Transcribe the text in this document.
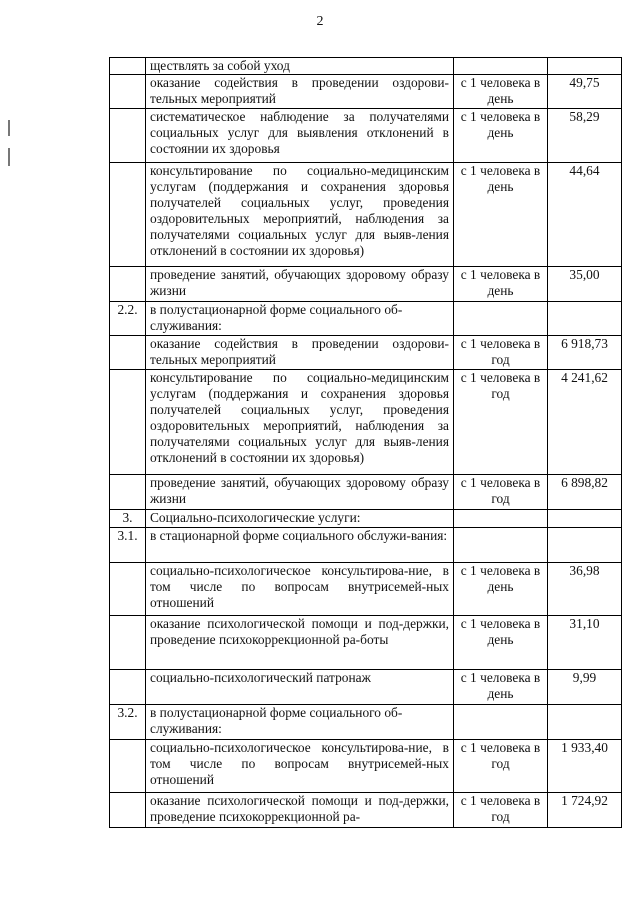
2
	ществлять за собой уход		
	оказание содействия в проведении оздорови-тельных мероприятий	с 1 человека в день	49,75
	систематическое наблюдение за получателями социальных услуг для выявления отклонений в состоянии их здоровья	с 1 человека в день	58,29
	консультирование по социально-медицинским услугам (поддержания и сохранения здоровья получателей социальных услуг, проведения оздоровительных мероприятий, наблюдения за получателями социальных услуг для выяв-ления отклонений в состоянии их здоровья)	с 1 человека в день	44,64
	проведение занятий, обучающих здоровому образу жизни	с 1 человека в день	35,00
2.2.	в полустационарной форме социального об-служивания:		
	оказание содействия в проведении оздорови-тельных мероприятий	с 1 человека в год	6 918,73
	консультирование по социально-медицинским услугам (поддержания и сохранения здоровья получателей социальных услуг, проведения оздоровительных мероприятий, наблюдения за получателями социальных услуг для выяв-ления отклонений в состоянии их здоровья)	с 1 человека в год	4 241,62
	проведение занятий, обучающих здоровому образу жизни	с 1 человека в год	6 898,82
3.	Социально-психологические услуги:		
3.1.	в стационарной форме социального обслужи-вания:		
	социально-психологическое консультирова-ние, в том числе по вопросам внутрисемей-ных отношений	с 1 человека в день	36,98
	оказание психологической помощи и под-держки, проведение психокоррекционной ра-боты	с 1 человека в день	31,10
	социально-психологический патронаж	с 1 человека в день	9,99
3.2.	в полустационарной форме социального об-служивания:		
	социально-психологическое консультирова-ние, в том числе по вопросам внутрисемей-ных отношений	с 1 человека в год	1 933,40
	оказание психологической помощи и под-держки, проведение психокоррекционной ра-	с 1 человека в год	1 724,92
